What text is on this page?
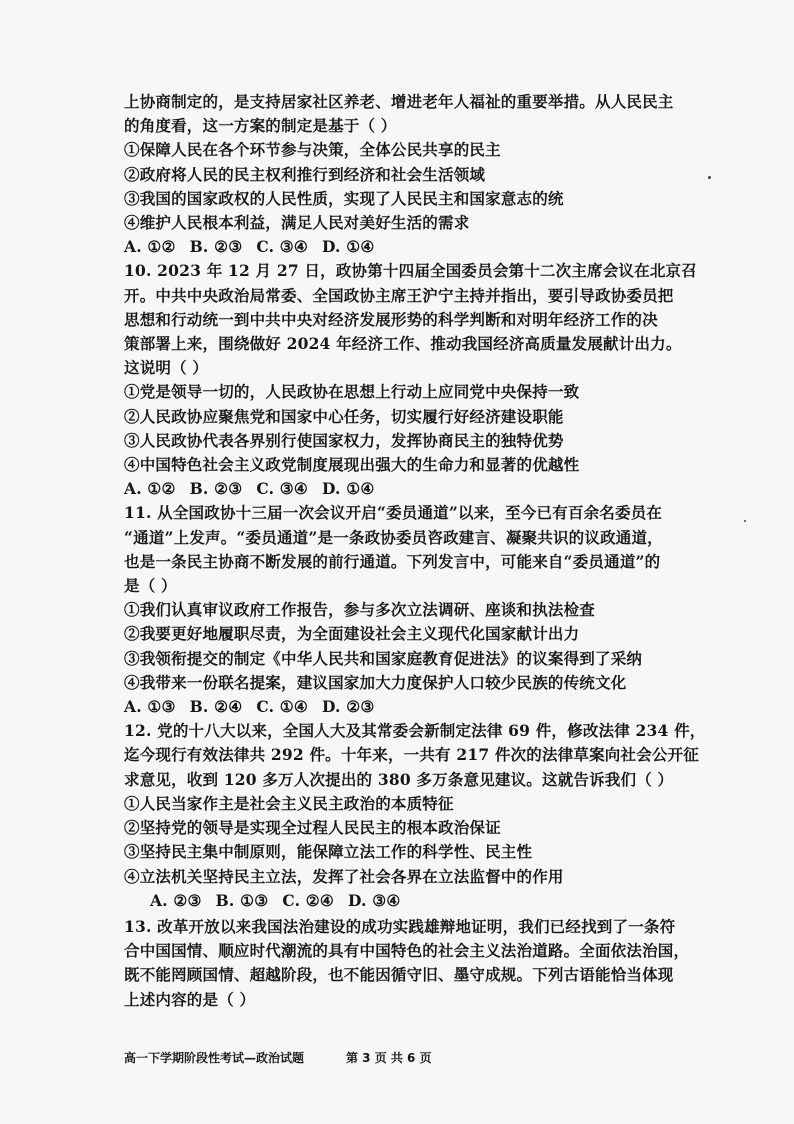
上协商制定的，是支持居家社区养老、增进老年人福祉的重要举措。从人民民主
的角度看，这一方案的制定是基于（ ）
①保障人民在各个环节参与决策，全体公民共享的民主
②政府将人民的民主权利推行到经济和社会生活领域
③我国的国家政权的人民性质，实现了人民民主和国家意志的统
④维护人民根本利益，满足人民对美好生活的需求
A. ①② B. ②③ C. ③④ D. ①④
10. 2023 年 12 月 27 日，政协第十四届全国委员会第十二次主席会议在北京召
开。中共中央政治局常委、全国政协主席王沪宁主持并指出，要引导政协委员把
思想和行动统一到中共中央对经济发展形势的科学判断和对明年经济工作的决
策部署上来，围绕做好 2024 年经济工作、推动我国经济高质量发展献计出力。
这说明（ ）
①党是领导一切的，人民政协在思想上行动上应同党中央保持一致
②人民政协应聚焦党和国家中心任务，切实履行好经济建设职能
③人民政协代表各界别行使国家权力，发挥协商民主的独特优势
④中国特色社会主义政党制度展现出强大的生命力和显著的优越性
A. ①② B. ②③ C. ③④ D. ①④
11. 从全国政协十三届一次会议开启“委员通道”以来，至今已有百余名委员在
“通道”上发声。“委员通道”是一条政协委员咨政建言、凝聚共识的议政通道，
也是一条民主协商不断发展的前行通道。下列发言中，可能来自“委员通道”的
是（ ）
①我们认真审议政府工作报告，参与多次立法调研、座谈和执法检查
②我要更好地履职尽责，为全面建设社会主义现代化国家献计出力
③我领衔提交的制定《中华人民共和国家庭教育促进法》的议案得到了采纳
④我带来一份联名提案，建议国家加大力度保护人口较少民族的传统文化
A. ①③ B. ②④ C. ①④ D. ②③
12. 党的十八大以来，全国人大及其常委会新制定法律 69 件，修改法律 234 件，
迄今现行有效法律共 292 件。十年来，一共有 217 件次的法律草案向社会公开征
求意见，收到 120 多万人次提出的 380 多万条意见建议。这就告诉我们（ ）
①人民当家作主是社会主义民主政治的本质特征
②坚持党的领导是实现全过程人民民主的根本政治保证
③坚持民主集中制原则，能保障立法工作的科学性、民主性
④立法机关坚持民主立法，发挥了社会各界在立法监督中的作用
A. ②③ B. ①③ C. ②④ D. ③④
13. 改革开放以来我国法治建设的成功实践雄辩地证明，我们已经找到了一条符
合中国国情、顺应时代潮流的具有中国特色的社会主义法治道路。全面依法治国，
既不能罔顾国情、超越阶段，也不能因循守旧、墨守成规。下列古语能恰当体现
上述内容的是（ ）
高一下学期阶段性考试—政治试题	第 3 页 共 6 页
